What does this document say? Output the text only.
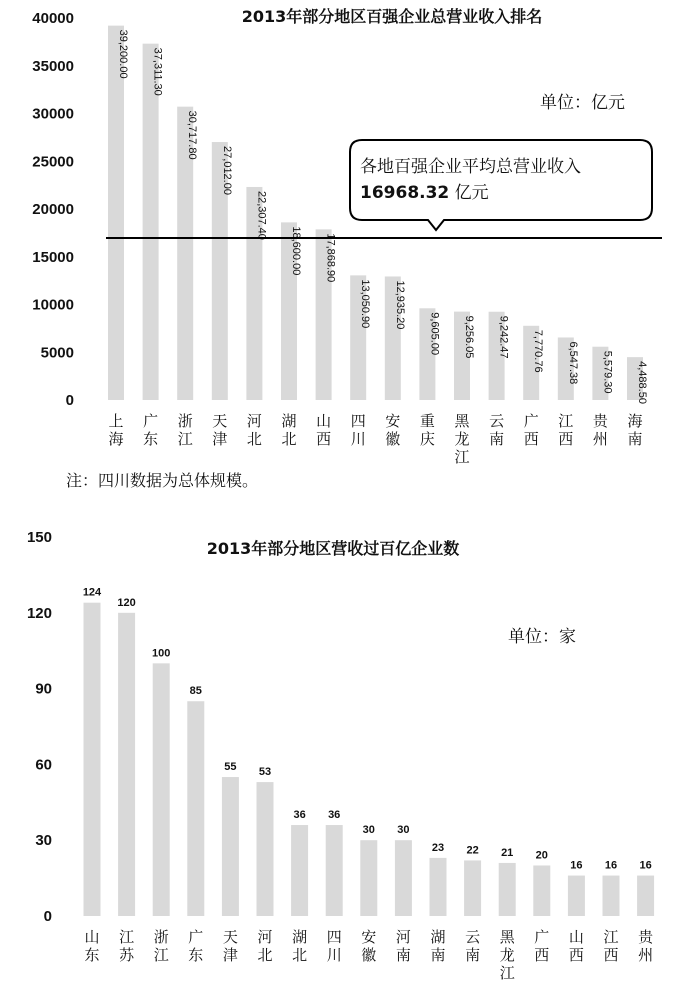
2013年部分地区百强企业总营业收入排名
单位：亿元
40000
35000
30000
25000
20000
15000
10000
5000
0
39,200.00 37,311.30
30,717.80
27,012.00
22,307.40
18,600.00 17,868.90
13,050.90 12,935.20
9,605.00 9,256.05 9,242.47 7,770.76 6,547.38 5,579.30 4,488.50
各地百强企业平均总营业收入
16968.32 亿元
上海
广东
浙江
天津
河北
湖北
山西
四川
安徽
重庆
黑龙江
云南
广西
江西
贵州
海南
注：四川数据为总体规模。
2013年部分地区营收过百亿企业数
单位：家
150
120
90
60
30
0
124
120
100
85
55 53
36 36
30 30
23 22 21 20
16 16 16
山东
江苏
浙江
广东
天津
河北
湖北
四川
安徽
河南
湖南
云南
黑龙江
广西
山西
江西
贵州
